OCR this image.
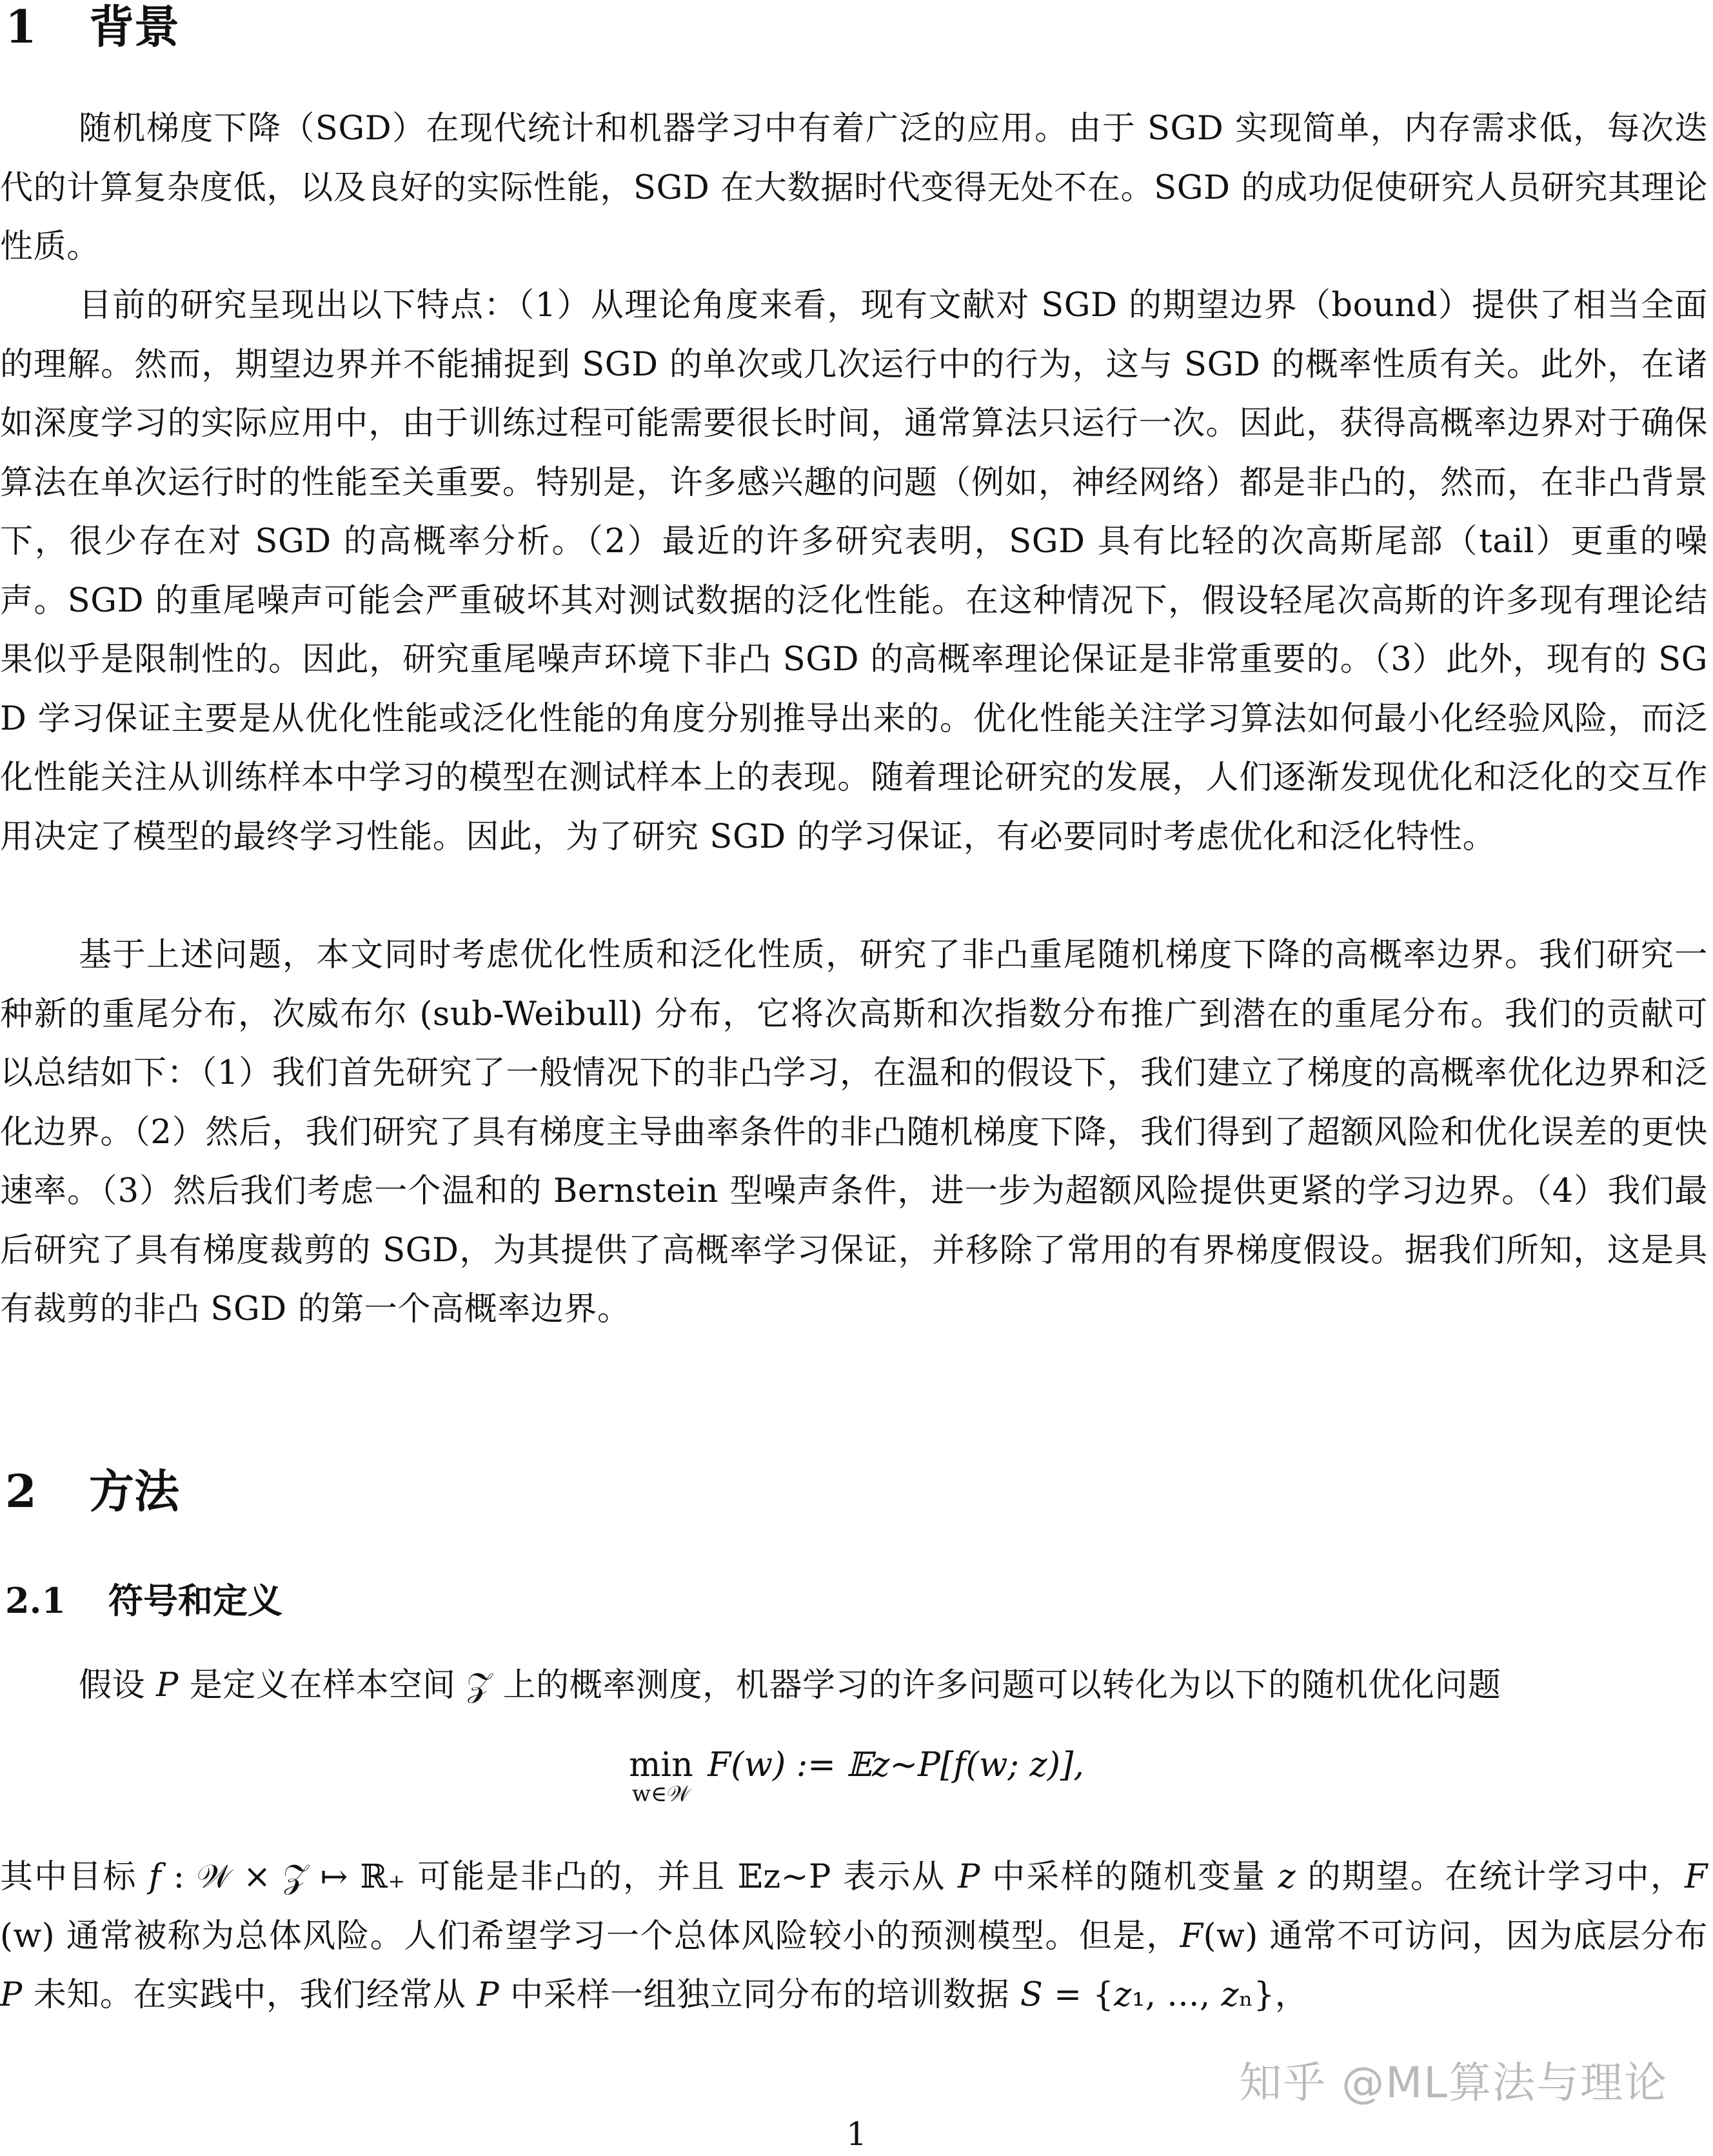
1 背景

随机梯度下降（SGD）在现代统计和机器学习中有着广泛的应用。由于 SGD 实现简单，内存需求低，每次迭代的计算复杂度低，以及良好的实际性能，SGD 在大数据时代变得无处不在。SGD 的成功促使研究人员研究其理论性质。

目前的研究呈现出以下特点：（1）从理论角度来看，现有文献对 SGD 的期望边界（bound）提供了相当全面的理解。然而，期望边界并不能捕捉到 SGD 的单次或几次运行中的行为，这与 SGD 的概率性质有关。此外，在诸如深度学习的实际应用中，由于训练过程可能需要很长时间，通常算法只运行一次。因此，获得高概率边界对于确保算法在单次运行时的性能至关重要。特别是，许多感兴趣的问题（例如，神经网络）都是非凸的，然而，在非凸背景下，很少存在对 SGD 的高概率分析。（2）最近的许多研究表明，SGD 具有比轻的次高斯尾部（tail）更重的噪声。SGD 的重尾噪声可能会严重破坏其对测试数据的泛化性能。在这种情况下，假设轻尾次高斯的许多现有理论结果似乎是限制性的。因此，研究重尾噪声环境下非凸 SGD 的高概率理论保证是非常重要的。（3）此外，现有的 SGD 学习保证主要是从优化性能或泛化性能的角度分别推导出来的。优化性能关注学习算法如何最小化经验风险，而泛化性能关注从训练样本中学习的模型在测试样本上的表现。随着理论研究的发展，人们逐渐发现优化和泛化的交互作用决定了模型的最终学习性能。因此，为了研究 SGD 的学习保证，有必要同时考虑优化和泛化特性。

基于上述问题，本文同时考虑优化性质和泛化性质，研究了非凸重尾随机梯度下降的高概率边界。我们研究一种新的重尾分布，次威布尔 (sub-Weibull) 分布，它将次高斯和次指数分布推广到潜在的重尾分布。我们的贡献可以总结如下：（1）我们首先研究了一般情况下的非凸学习，在温和的假设下，我们建立了梯度的高概率优化边界和泛化边界。（2）然后，我们研究了具有梯度主导曲率条件的非凸随机梯度下降，我们得到了超额风险和优化误差的更快速率。（3）然后我们考虑一个温和的 Bernstein 型噪声条件，进一步为超额风险提供更紧的学习边界。（4）我们最后研究了具有梯度裁剪的 SGD，为其提供了高概率学习保证，并移除了常用的有界梯度假设。据我们所知，这是具有裁剪的非凸 SGD 的第一个高概率边界。

2 方法
2.1 符号和定义

假设 𝑃 是定义在样本空间 𝒵 上的概率测度，机器学习的许多问题可以转化为以下的随机优化问题

min
w∈𝒲
F(w) := 𝔼z∼P[f(w; z)],

其中目标 𝑓 : 𝒲 × 𝒵 ↦ ℝ₊ 可能是非凸的，并且 𝔼z∼P 表示从 𝑃 中采样的随机变量 𝑧 的期望。在统计学习中，𝐹(w) 通常被称为总体风险。人们希望学习一个总体风险较小的预测模型。但是，𝐹(w) 通常不可访问，因为底层分布 𝑃 未知。在实践中，我们经常从 𝑃 中采样一组独立同分布的培训数据 𝑆 = {𝑧₁, ..., 𝑧ₙ}，

知乎 @ML算法与理论
1
